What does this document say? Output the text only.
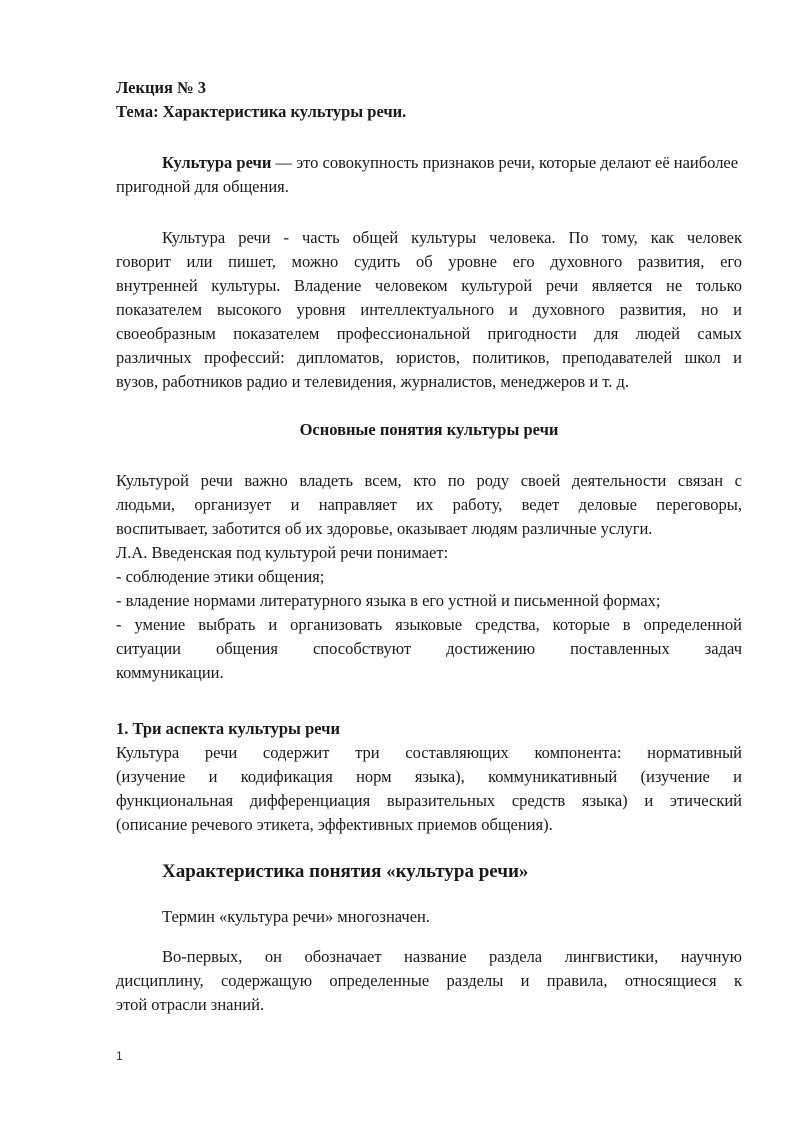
Лекция № 3
Тема: Характеристика культуры речи.
Культура речи — это совокупность признаков речи, которые делают её наиболее пригодной для общения.
Культура речи - часть общей культуры человека. По тому, как человек
говорит или пишет, можно судить об уровне его духовного развития, его
внутренней культуры. Владение человеком культурой речи является не только
показателем высокого уровня интеллектуального и духовного развития, но и
своеобразным показателем профессиональной пригодности для людей самых
различных профессий: дипломатов, юристов, политиков, преподавателей школ и
вузов, работников радио и телевидения, журналистов, менеджеров и т. д.
Основные понятия культуры речи
Культурой речи важно владеть всем, кто по роду своей деятельности связан с
людьми, организует и направляет их работу, ведет деловые переговоры,
воспитывает, заботится об их здоровье, оказывает людям различные услуги.
Л.А. Введенская под культурой речи понимает:
- соблюдение этики общения;
- владение нормами литературного языка в его устной и письменной формах;
- умение выбрать и организовать языковые средства, которые в определенной
ситуации общения способствуют достижению поставленных задач
коммуникации.
1. Три аспекта культуры речи
Культура речи содержит три составляющих компонента: нормативный
(изучение и кодификация норм языка), коммуникативный (изучение и
функциональная дифференциация выразительных средств языка) и этический
(описание речевого этикета, эффективных приемов общения).
Характеристика понятия «культура речи»
Термин «культура речи» многозначен.
Во-первых, он обозначает название раздела лингвистики, научную
дисциплину, содержащую определенные разделы и правила, относящиеся к
этой отрасли знаний.
1
